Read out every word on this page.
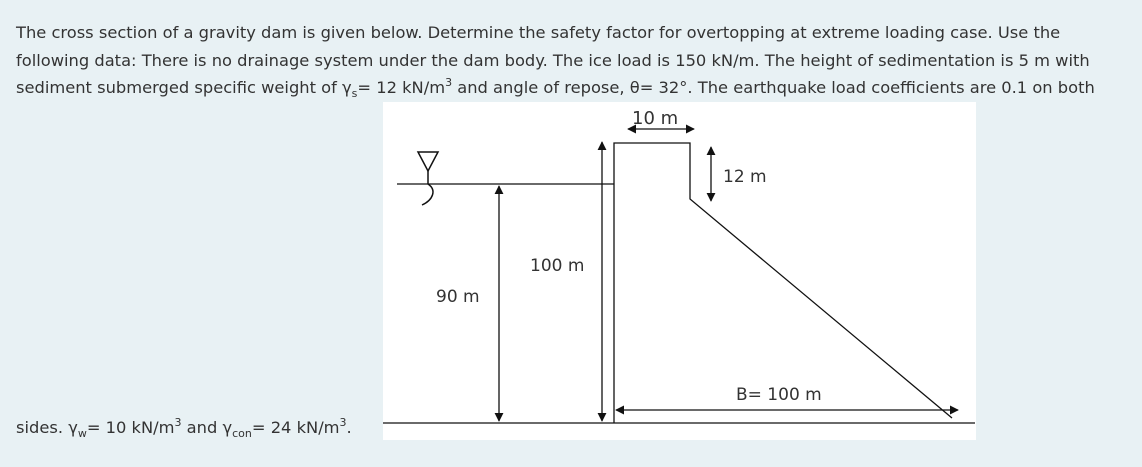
The cross section of a gravity dam is given below. Determine the safety factor for overtopping at extreme loading case. Use the
following data: There is no drainage system under the dam body. The ice load is 150 kN/m. The height of sedimentation is 5 m with
sediment submerged specific weight of $\gamma_s= 12$ $kN/m^3$ and angle of repose, θ= 32°. The earthquake load coefficients are 0.1 on both

sides. $\gamma_w= 10$ $kN/m^3$ and $\gamma_{con}= 24$ $kN/m^3$.
10 m
12 m
100 m
90 m
B= 100 m
